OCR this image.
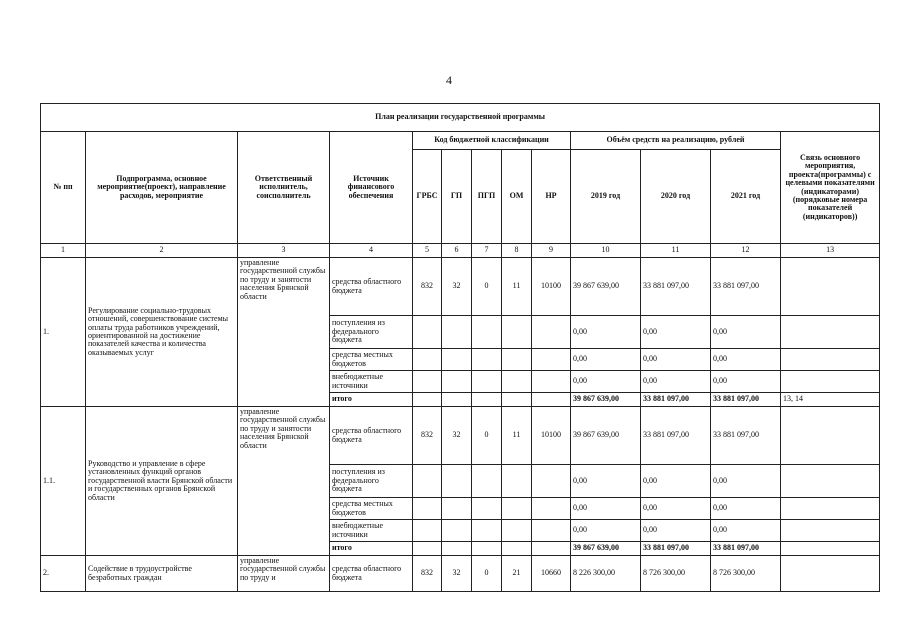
4
План реализации государственной программы												
№ пп	Подпрограмма, основное мероприятие(проект), направление расходов, мероприятие	Ответственный исполнитель, соисполнитель	Источник финансового обеспечения	Код бюджетной классификации					Объём средств на реализацию, рублей			Связь основного мероприятия, проекта(программы) с целевыми показателями (индикаторами) (порядковые номера показателей (индикаторов))
				ГРБС	ГП	ПГП	ОМ	НР	2019 год	2020 год	2021 год	
1	2	3	4	5	6	7	8	9	10	11	12	13
1.	Регулирование социально-трудовых отношений, совершенствование системы оплаты труда работников учреждений, ориентированной на достижение показателей качества и количества оказываемых услуг	управление государственной службы по труду и занятости населения Брянской области	средства областного бюджета	832	32	0	11	10100	39 867 639,00	33 881 097,00	33 881 097,00	
			поступления из федерального бюджета						0,00	0,00	0,00	
			средства местных бюджетов						0,00	0,00	0,00	
			внебюджетные источники						0,00	0,00	0,00	
			итого						39 867 639,00	33 881 097,00	33 881 097,00	13, 14
1.1.	Руководство и управление в сфере установленных функций органов государственной власти Брянской области и государственных органов Брянской области	управление государственной службы по труду и занятости населения Брянской области	средства областного бюджета	832	32	0	11	10100	39 867 639,00	33 881 097,00	33 881 097,00	
			поступления из федерального бюджета						0,00	0,00	0,00	
			средства местных бюджетов						0,00	0,00	0,00	
			внебюджетные источники						0,00	0,00	0,00	
			итого						39 867 639,00	33 881 097,00	33 881 097,00	
2.	Содействие в трудоустройстве безработных граждан	управление государственной службы по труду и	средства областного бюджета	832	32	0	21	10660	8 226 300,00	8 726 300,00	8 726 300,00	
